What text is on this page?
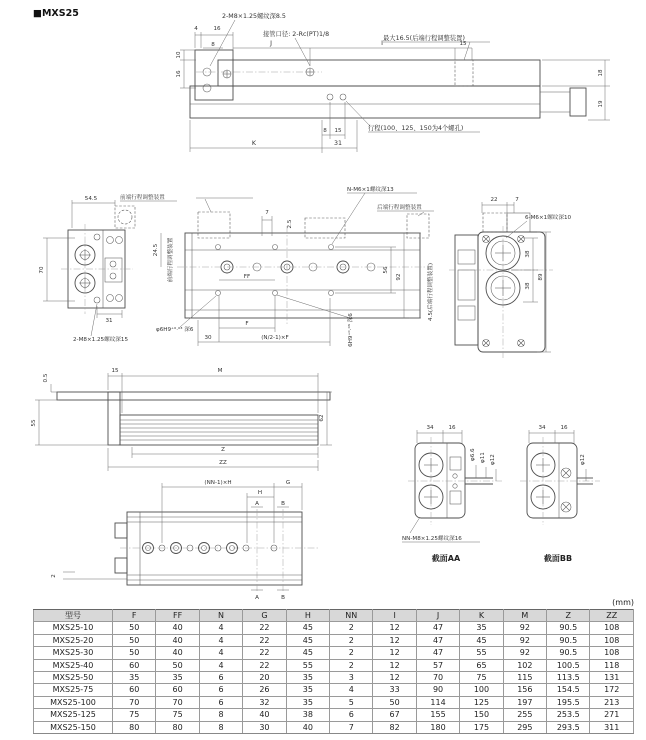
■MXS25
4	16
8
10
16
J	I	15
18
19
8 15
K	31
2-M8×1.25螺纹深8.5
接管口径: 2-Rc(PT)1/8
最大16.5(后端行程调整装置)
行程(100、125、150为4个螺孔)
54.5	前端行程调整装置
70
31
2-M8×1.25螺纹深15
24.5	前端行程调整装置
N-M6×1螺纹深13
后端行程调整装置
7
2.5
FF
F
30	(N/2-1)×F
56
92
φ6H9⁺⁰·⁰³ 深6	6H9⁺⁰·⁰³ 深6
4.5(后端行程调整装置)
22	7
6-M6×1螺纹深10
38
38
89
15	M
0.5
55
62
Z
ZZ
(NN-1)×H	G
H
A	B
A	B
2
34	16
φ6.6 φ11 φ12
NN-M8×1.25螺纹深16
截面AA
34	16
φ12
截面BB
(mm)
型号	F	FF	N	G	H	NN	I	J	K	M	Z	ZZ
MXS25-10	50	40	4	22	45	2	12	47	35	92	90.5	108
MXS25-20	50	40	4	22	45	2	12	47	45	92	90.5	108
MXS25-30	50	40	4	22	45	2	12	47	55	92	90.5	108
MXS25-40	60	50	4	22	55	2	12	57	65	102	100.5	118
MXS25-50	35	35	6	20	35	3	12	70	75	115	113.5	131
MXS25-75	60	60	6	26	35	4	33	90	100	156	154.5	172
MXS25-100	70	70	6	32	35	5	50	114	125	197	195.5	213
MXS25-125	75	75	8	40	38	6	67	155	150	255	253.5	271
MXS25-150	80	80	8	30	40	7	82	180	175	295	293.5	311
